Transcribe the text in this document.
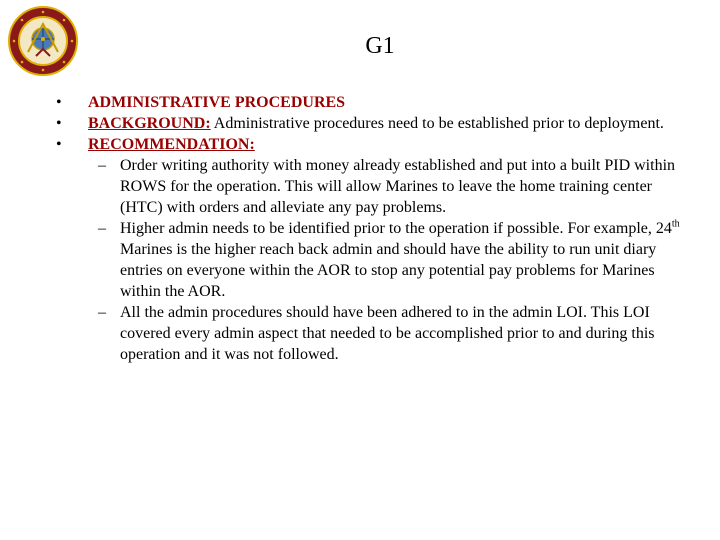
G1
•	ADMINISTRATIVE PROCEDURES
•	BACKGROUND: Administrative procedures need to be established prior to deployment.
•	RECOMMENDATION:
– Order writing authority with money already established and put into a built PID within ROWS for the operation. This will allow Marines to leave the home training center (HTC) with orders and alleviate any pay problems.
– Higher admin needs to be identified prior to the operation if possible. For example, 24th Marines is the higher reach back admin and should have the ability to run unit diary entries on everyone within the AOR to stop any potential pay problems for Marines within the AOR.
– All the admin procedures should have been adhered to in the admin LOI. This LOI covered every admin aspect that needed to be accomplished prior to and during this operation and it was not followed.
